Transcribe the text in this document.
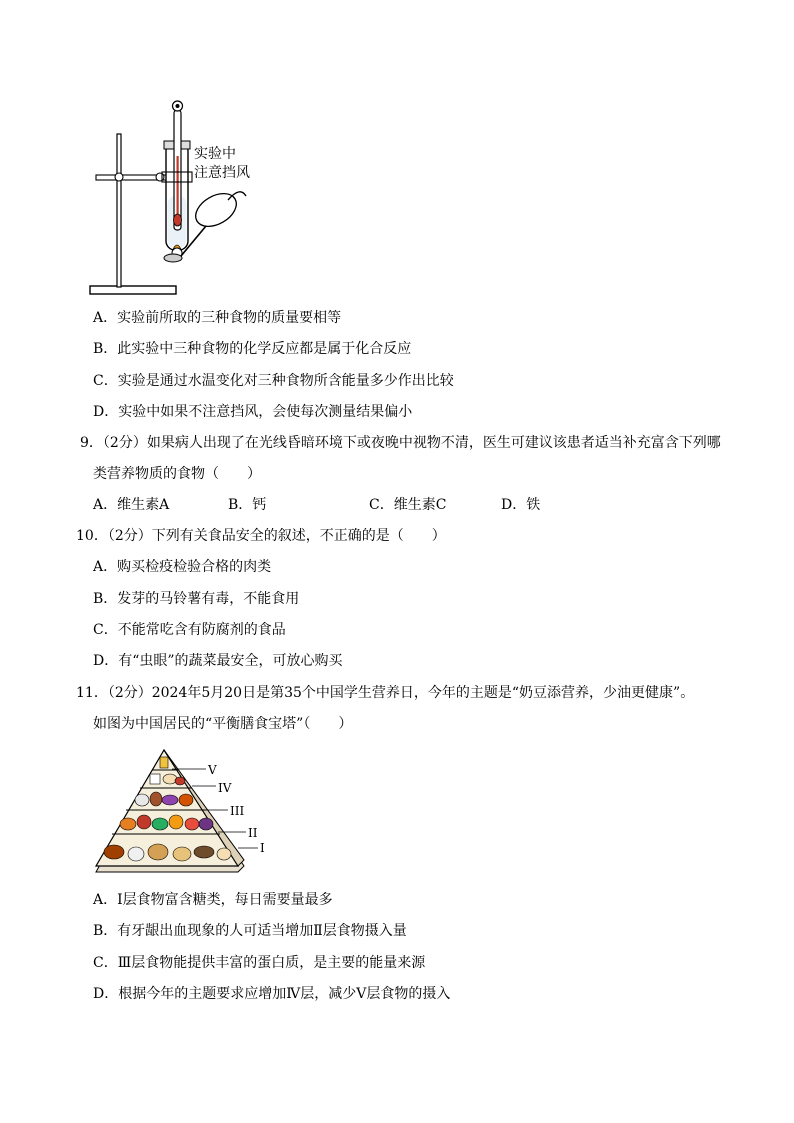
实验中
注意挡风
A．实验前所取的三种食物的质量要相等
B．此实验中三种食物的化学反应都是属于化合反应
C．实验是通过水温变化对三种食物所含能量多少作出比较
D．实验中如果不注意挡风，会使每次测量结果偏小
9．（2分）如果病人出现了在光线昏暗环境下或夜晚中视物不清，医生可建议该患者适当补充富含下列哪
类营养物质的食物（　　）
A．维生素A	B．钙	C．维生素C	D．铁
10．（2分）下列有关食品安全的叙述，不正确的是（　　）
A．购买检疫检验合格的肉类
B．发芽的马铃薯有毒，不能食用
C．不能常吃含有防腐剂的食品
D．有“虫眼”的蔬菜最安全，可放心购买
11．（2分）2024年5月20日是第35个中国学生营养日，今年的主题是“奶豆添营养，少油更健康”。
如图为中国居民的“平衡膳食宝塔”（　　）
V
IV
III
II
I
A．Ⅰ层食物富含糖类，每日需要量最多
B．有牙龈出血现象的人可适当增加Ⅱ层食物摄入量
C．Ⅲ层食物能提供丰富的蛋白质，是主要的能量来源
D．根据今年的主题要求应增加Ⅳ层，减少Ⅴ层食物的摄入
